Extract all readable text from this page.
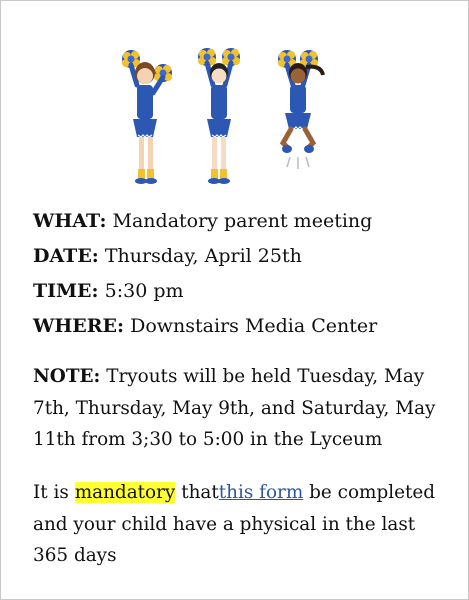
WHAT: Mandatory parent meeting
DATE: Thursday, April 25th
TIME: 5:30 pm
WHERE: Downstairs Media Center
NOTE: Tryouts will be held Tuesday, May 7th, Thursday, May 9th, and Saturday, May 11th from 3;30 to 5:00 in the Lyceum
It is mandatory thatthis form be completed and your child have a physical in the last 365 days
